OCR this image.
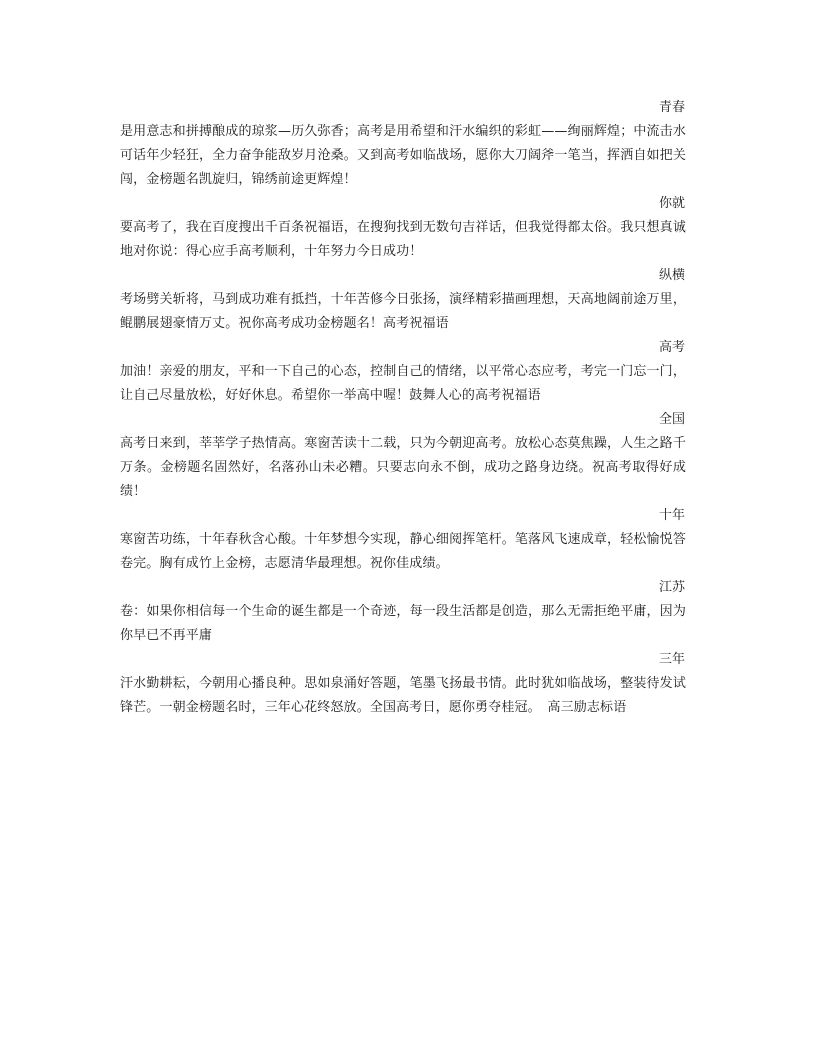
青春

是用意志和拼搏酿成的琼浆—历久弥香；高考是用希望和汗水编织的彩虹——绚丽辉煌；中流击水可话年少轻狂，全力奋争能敌岁月沧桑。又到高考如临战场，愿你大刀阔斧一笔当，挥洒自如把关闯，金榜题名凯旋归，锦绣前途更辉煌！

你就

要高考了，我在百度搜出千百条祝福语，在搜狗找到无数句吉祥话，但我觉得都太俗。我只想真诚地对你说：得心应手高考顺利，十年努力今日成功！

纵横

考场劈关斩将，马到成功难有抵挡，十年苦修今日张扬，演绎精彩描画理想，天高地阔前途万里，鲲鹏展翅豪情万丈。祝你高考成功金榜题名！高考祝福语

高考

加油！亲爱的朋友，平和一下自己的心态，控制自己的情绪，以平常心态应考，考完一门忘一门，让自己尽量放松，好好休息。希望你一举高中喔！鼓舞人心的高考祝福语

全国

高考日来到，莘莘学子热情高。寒窗苦读十二载，只为今朝迎高考。放松心态莫焦躁，人生之路千万条。金榜题名固然好，名落孙山未必糟。只要志向永不倒，成功之路身边绕。祝高考取得好成绩！

十年

寒窗苦功练，十年春秋含心酸。十年梦想今实现，静心细阅挥笔杆。笔落风飞速成章，轻松愉悦答卷完。胸有成竹上金榜，志愿清华最理想。祝你佳成绩。

江苏

卷：如果你相信每一个生命的诞生都是一个奇迹，每一段生活都是创造，那么无需拒绝平庸，因为你早已不再平庸

三年

汗水勤耕耘，今朝用心播良种。思如泉涌好答题，笔墨飞扬最书情。此时犹如临战场，整装待发试锋芒。一朝金榜题名时，三年心花终怒放。全国高考日，愿你勇夺桂冠。　高三励志标语
